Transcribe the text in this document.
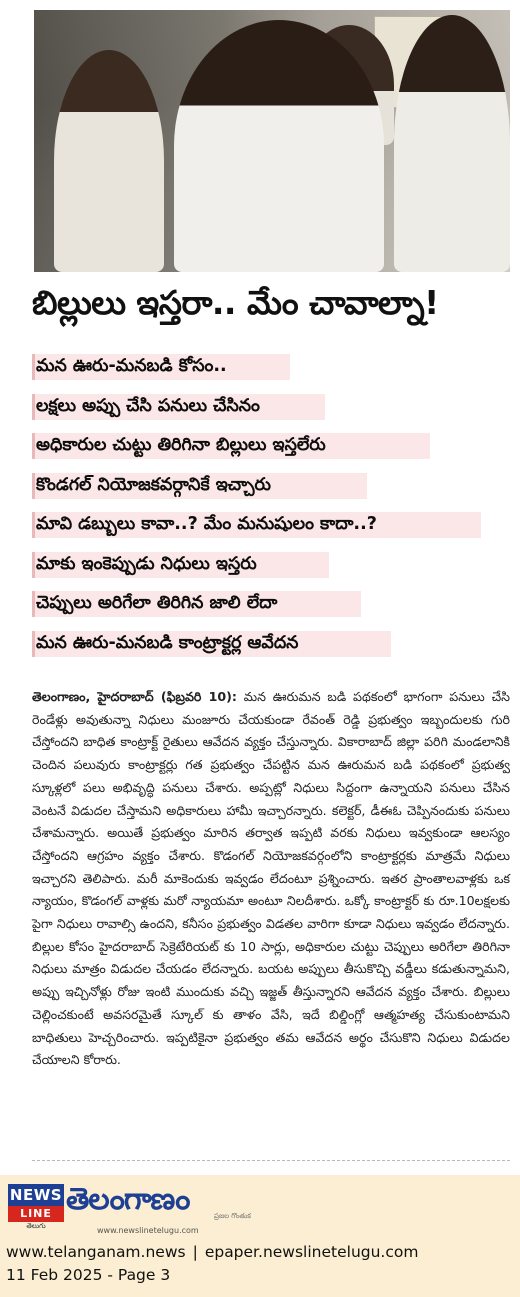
బిల్లులు ఇస్తరా.. మేం చావాల్నా!
మన ఊరు-మనబడి కోసం..
లక్షలు అప్పు చేసి పనులు చేసినం
అధికారుల చుట్టు తిరిగినా బిల్లులు ఇస్తలేరు
కొండగల్ నియోజకవర్గానికే ఇచ్చారు
మావి డబ్బులు కావా..? మేం మనుషులం కాదా..?
మాకు ఇంకెప్పుడు నిధులు ఇస్తరు
చెప్పులు అరిగేలా తిరిగిన జాలి లేదా
మన ఊరు-మనబడి కాంట్రాక్టర్ల ఆవేదన
తెలంగాణం, హైదరాబాద్ (ఫిబ్రవరి 10): మన ఊరుమన బడి పథకంలో భాగంగా పనులు చేసి రెండేళ్లు అవుతున్నా నిధులు మంజూరు చేయకుండా రేవంత్ రెడ్డి ప్రభుత్వం ఇబ్బందులకు గురి చేస్తోందని బాధిత కాంట్రాక్ట్ రైతులు ఆవేదన వ్యక్తం చేస్తున్నారు. వికారాబాద్ జిల్లా పరిగి మండలానికి చెందిన పలువురు కాంట్రాక్టర్లు గత ప్రభుత్వం చేపట్టిన మన ఊరుమన బడి పథకంలో ప్రభుత్వ స్కూళ్లలో పలు అభివృద్ధి పనులు చేశారు. అప్పట్లో నిధులు సిద్దంగా ఉన్నాయని పనులు చేసిన వెంటనే విడుదల చేస్తామని అధికారులు హామీ ఇచ్చారన్నారు. కలెక్టర్, డీఈఓ చెప్పినందుకు పనులు చేశామన్నారు. అయితే ప్రభుత్వం మారిన తర్వాత ఇప్పటి వరకు నిధులు ఇవ్వకుండా ఆలస్యం చేస్తోందని ఆగ్రహం వ్యక్తం చేశారు. కొడంగల్ నియోజకవర్గంలోని కాంట్రాక్టర్లకు మాత్రమే నిధులు ఇచ్చారని తెలిపారు. మరీ మాకెందుకు ఇవ్వడం లేదంటూ ప్రశ్నించారు. ఇతర ప్రాంతాలవాళ్లకు ఒక న్యాయం, కొడంగల్ వాళ్లకు మరో న్యాయమా అంటూ నిలదీశారు. ఒక్కో కాంట్రాక్టర్ కు రూ.10లక్షలకు పైగా నిధులు రావాల్సి ఉందని, కనీసం ప్రభుత్వం విడతల వారిగా కూడా నిధులు ఇవ్వడం లేదన్నారు. బిల్లుల కోసం హైదరాబాద్ సెక్రెటేరియట్ కు 10 సార్లు, అధికారుల చుట్టు చెప్పులు అరిగేలా తిరిగినా నిధులు మాత్రం విడుదల చేయడం లేదన్నారు. బయట అప్పులు తీసుకొచ్చి వడ్డీలు కడుతున్నామని, అప్పు ఇచ్చినోళ్లు రోజు ఇంటి ముందుకు వచ్చి ఇజ్జత్ తీస్తున్నారని ఆవేదన వ్యక్తం చేశారు. బిల్లులు చెల్లించకుంటే అవసరమైతే స్కూల్ కు తాళం వేసి, ఇదే బిల్డింగ్లో ఆత్మహత్య చేసుకుంటామని బాధితులు హెచ్చరించారు. ఇప్పటికైనా ప్రభుత్వం తమ ఆవేదన అర్థం చేసుకొని నిధులు విడుదల చేయాలని కోరారు.
NEWS
LINE
తెలుగు
తెలంగాణం	ప్రజల గొంతుక
www.newslinetelugu.com
www.telanganam.news | epaper.newslinetelugu.com
11 Feb 2025 - Page 3
